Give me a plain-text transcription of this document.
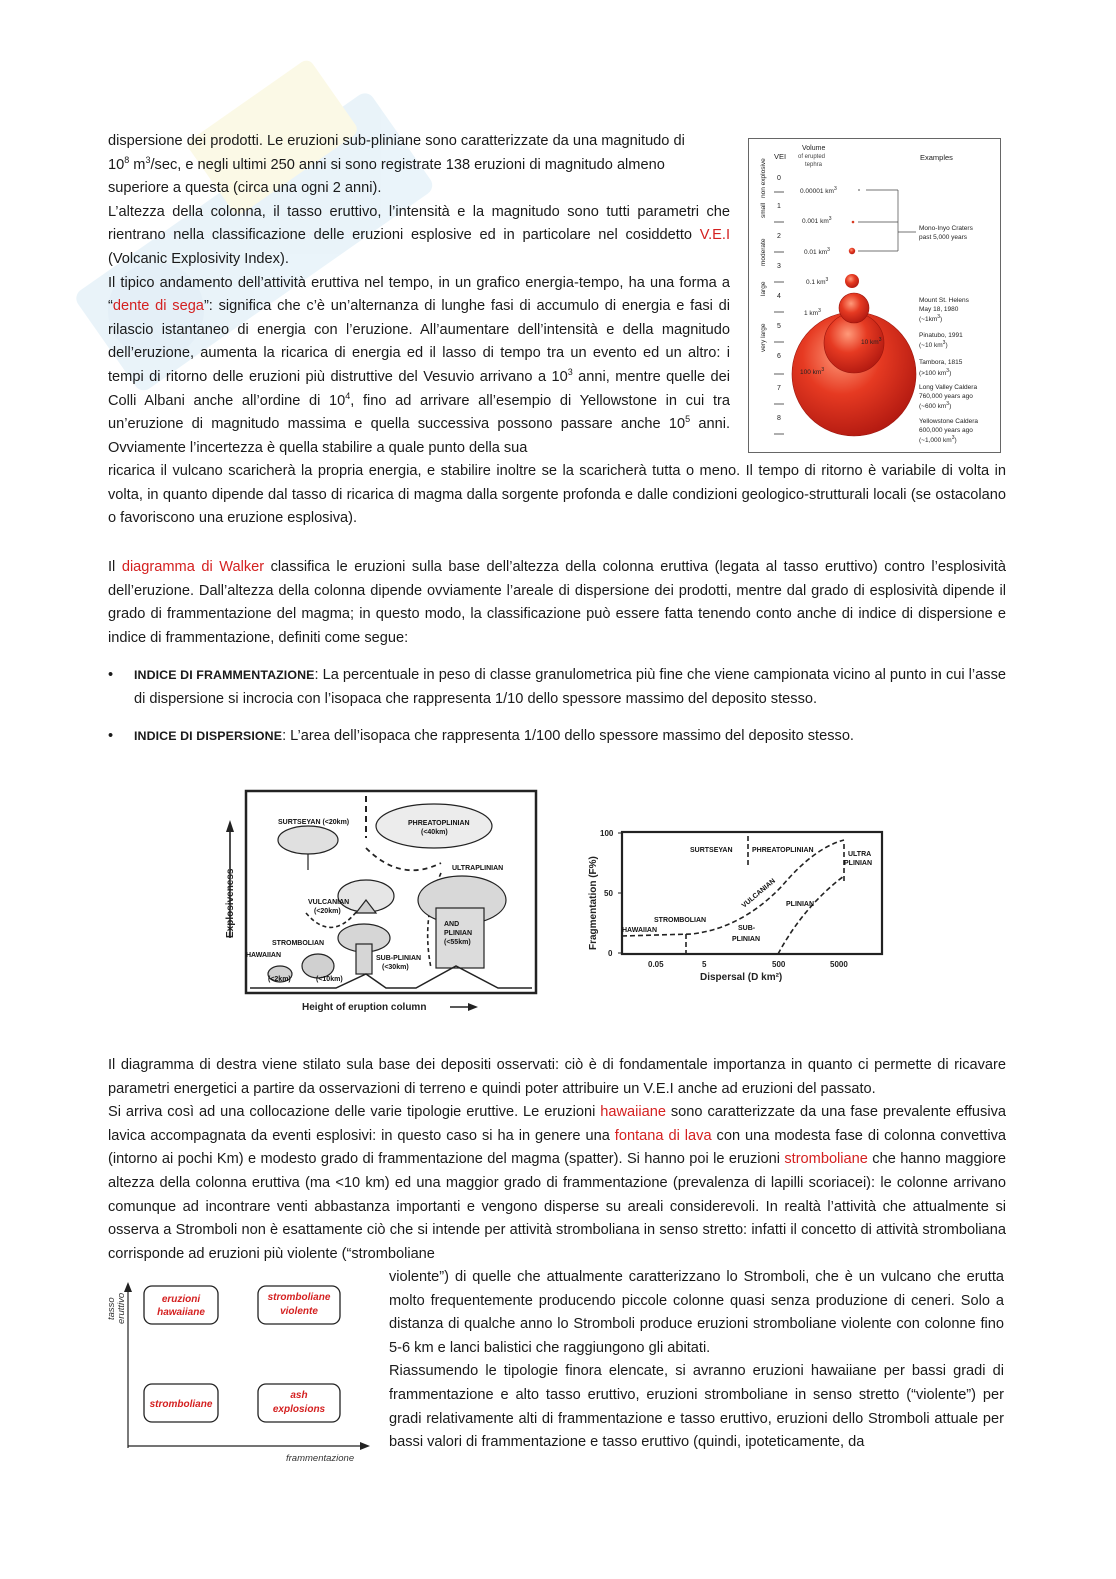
dispersione dei prodotti. Le eruzioni sub-pliniane sono caratterizzate da una magnitudo di

$10^8$ $m^3/\sec$, e negli ultimi 250 anni si sono registrate 138 eruzioni di magnitudo almeno

superiore a questa (circa una ogni 2 anni).

L’altezza della colonna, il tasso eruttivo, l’intensità e la magnitudo sono tutti parametri che rientrano nella classificazione delle eruzioni esplosive ed in particolare nel cosiddetto V.E.I (Volcanic Explosivity Index).

Il tipico andamento dell’attività eruttiva nel tempo, in un grafico energia-tempo, ha una forma a “dente di sega”: significa che c’è un’alternanza di lunghe fasi di accumulo di energia e fasi di rilascio istantaneo di energia con l’eruzione. All’aumentare dell’intensità e della magnitudo dell’eruzione, aumenta la ricarica di energia ed il lasso di tempo tra un evento ed un altro: i tempi di ritorno delle eruzioni più distruttive del Vesuvio arrivano a $10^3$ anni, mentre quelle dei Colli Albani anche all’ordine di $10^4$, fino ad arrivare all’esempio di Yellowstone in cui tra un’eruzione di magnitudo massima e quella successiva possono passare anche $10^5$ anni. Ovviamente l’incertezza è quella stabilire a quale punto della sua

ricarica il vulcano scaricherà la propria energia, e stabilire inoltre se la scaricherà tutta o meno. Il tempo di ritorno è variabile di volta in volta, in quanto dipende dal tasso di ricarica di magma dalla sorgente profonda e dalle condizioni geologico-strutturali locali (se ostacolano o favoriscono una eruzione esplosiva).

VEI
Volume
of erupted
tephra
Examples
non explosive
small
moderate
large
very large
0
1
2
3
4
5
6
7
8
0.00001 $km^3$
0.001 $km^3$
0.01 $km^3$
0.1 $km^3$
1 $km^3$
10 $km^3$
100 $km^3$
Mono-Inyo Craters
past 5,000 years
Mount St. Helens
May 18, 1980
$(\sim 1km^3)$
Pinatubo, 1991
(~10 $km^3$)
Tambora, 1815
(>100 $km^3$)
Long Valley Caldera
760,000 years ago
(~600 $km^3$)
Yellowstone Caldera
600,000 years ago
(~1,000 $km^3$)

Il diagramma di Walker classifica le eruzioni sulla base dell’altezza della colonna eruttiva (legata al tasso eruttivo) contro l’esplosività dell’eruzione. Dall’altezza della colonna dipende ovviamente l’areale di dispersione dei prodotti, mentre dal grado di esplosività dipende il grado di frammentazione del magma; in questo modo, la classificazione può essere fatta tenendo conto anche di indice di dispersione e indice di frammentazione, definiti come segue:

• INDICE DI FRAMMENTAZIONE: La percentuale in peso di classe granulometrica più fine che viene campionata vicino al punto in cui l’asse di dispersione si incrocia con l’isopaca che rappresenta 1/10 dello spessore massimo del deposito stesso.

• INDICE DI DISPERSIONE: L’area dell’isopaca che rappresenta 1/100 dello spessore massimo del deposito stesso.

Explosiveness
Height of eruption column
SURTSEYAN (<20km)	PHREATOPLINIAN
(<40km)
ULTRAPLINIAN
VULCANIAN
(<20km)
AND
PLINIAN
(<55km)
STROMBOLIAN
HAWAIIAN	SUB-PLINIAN
(<30km)
(<2km)	(<10km)
Fragmentation (F%)
100
50
0
0.05	5	500	5000
Dispersal (D km²)
SURTSEYAN	PHREATOPLINIAN
ULTRA
PLINIAN
VULCANIAN PLINIAN
STROMBOLIAN
HAWAIIAN	SUB-
PLINIAN

Il diagramma di destra viene stilato sula base dei depositi osservati: ciò è di fondamentale importanza in quanto ci permette di ricavare parametri energetici a partire da osservazioni di terreno e quindi poter attribuire un V.E.I anche ad eruzioni del passato.

Si arriva così ad una collocazione delle varie tipologie eruttive. Le eruzioni hawaiiane sono caratterizzate da una fase prevalente effusiva lavica accompagnata da eventi esplosivi: in questo caso si ha in genere una fontana di lava con una modesta fase di colonna convettiva (intorno ai pochi Km) e modesto grado di frammentazione del magma (spatter). Si hanno poi le eruzioni stromboliane che hanno maggiore altezza della colonna eruttiva (ma <10 km) ed una maggior grado di frammentazione (prevalenza di lapilli scoriacei): le colonne arrivano comunque ad incontrare venti abbastanza importanti e vengono disperse su areali considerevoli. In realtà l’attività che attualmente si osserva a Stromboli non è esattamente ciò che si intende per attività stromboliana in senso stretto: infatti il concetto di attività stromboliana corrisponde ad eruzioni più violente (“stromboliane

violente”) di quelle che attualmente caratterizzano lo Stromboli, che è un vulcano che erutta molto frequentemente producendo piccole colonne quasi senza produzione di ceneri. Solo a distanza di qualche anno lo Stromboli produce eruzioni stromboliane violente con colonne fino 5-6 km e lanci balistici che raggiungono gli abitati.

Riassumendo le tipologie finora elencate, si avranno eruzioni hawaiiane per bassi gradi di frammentazione e alto tasso eruttivo, eruzioni stromboliane in senso stretto (“violente”) per gradi relativamente alti di frammentazione e tasso eruttivo, eruzioni dello Stromboli attuale per bassi valori di frammentazione e tasso eruttivo (quindi, ipoteticamente, da

tasso eruttivo
frammentazione
eruzioni
hawaiiane
stromboliane
violente
stromboliane
ash
explosions
